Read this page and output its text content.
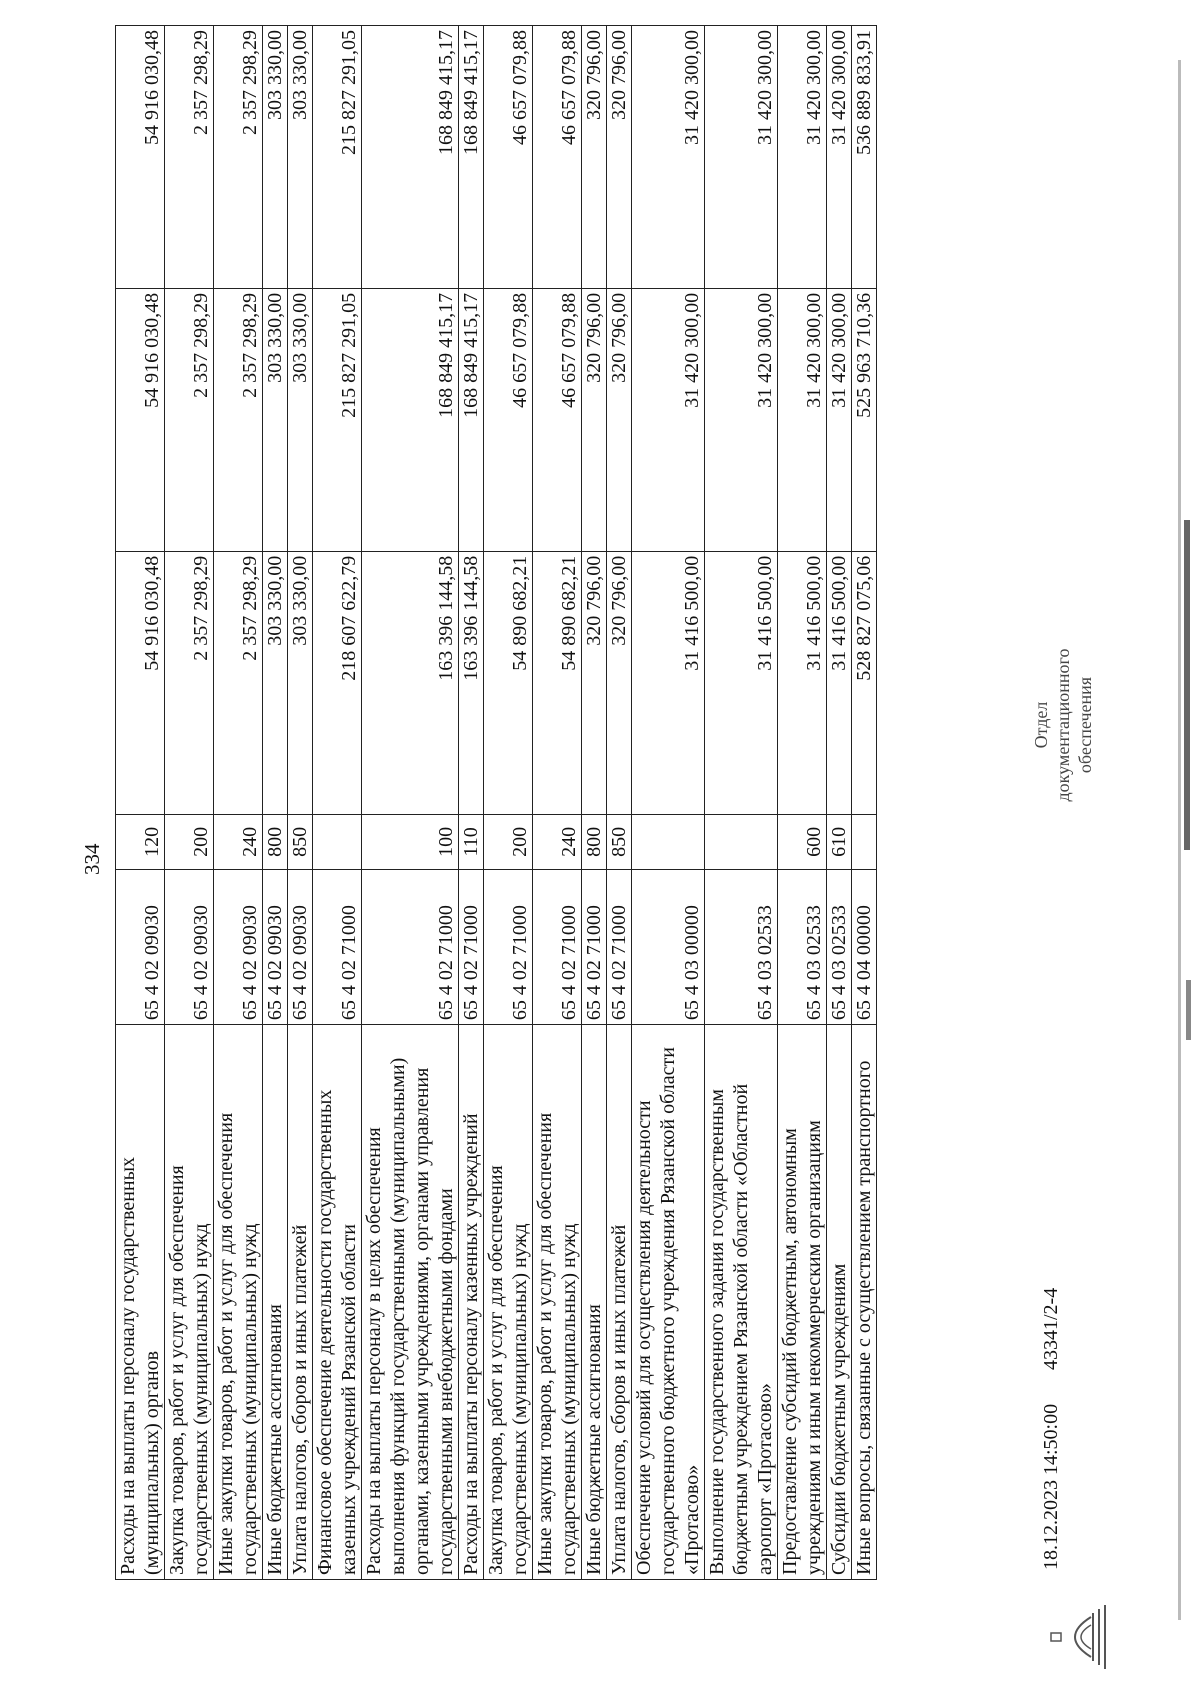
334
Расходы на выплаты персоналу государственных (муниципальных) органов	65 4 02 09030	120	54 916 030,48	54 916 030,48	54 916 030,48
Закупка товаров, работ и услуг для обеспечения государственных (муниципальных) нужд	65 4 02 09030	200	2 357 298,29	2 357 298,29	2 357 298,29
Иные закупки товаров, работ и услуг для обеспечения государственных (муниципальных) нужд	65 4 02 09030	240	2 357 298,29	2 357 298,29	2 357 298,29
Иные бюджетные ассигнования	65 4 02 09030	800	303 330,00	303 330,00	303 330,00
Уплата налогов, сборов и иных платежей	65 4 02 09030	850	303 330,00	303 330,00	303 330,00
Финансовое обеспечение деятельности государственных казенных учреждений Рязанской области	65 4 02 71000		218 607 622,79	215 827 291,05	215 827 291,05
Расходы на выплаты персоналу в целях обеспечения выполнения функций государственными (муниципальными) органами, казенными учреждениями, органами управления государственными внебюджетными фондами	65 4 02 71000	100	163 396 144,58	168 849 415,17	168 849 415,17
Расходы на выплаты персоналу казенных учреждений	65 4 02 71000	110	163 396 144,58	168 849 415,17	168 849 415,17
Закупка товаров, работ и услуг для обеспечения государственных (муниципальных) нужд	65 4 02 71000	200	54 890 682,21	46 657 079,88	46 657 079,88
Иные закупки товаров, работ и услуг для обеспечения государственных (муниципальных) нужд	65 4 02 71000	240	54 890 682,21	46 657 079,88	46 657 079,88
Иные бюджетные ассигнования	65 4 02 71000	800	320 796,00	320 796,00	320 796,00
Уплата налогов, сборов и иных платежей	65 4 02 71000	850	320 796,00	320 796,00	320 796,00
Обеспечение условий для осуществления деятельности государственного бюджетного учреждения Рязанской области «Протасово»	65 4 03 00000		31 416 500,00	31 420 300,00	31 420 300,00
Выполнение государственного задания государственным бюджетным учреждением Рязанской области «Областной аэропорт «Протасово»	65 4 03 02533		31 416 500,00	31 420 300,00	31 420 300,00
Предоставление субсидий бюджетным, автономным учреждениям и иным некоммерческим организациям	65 4 03 02533	600	31 416 500,00	31 420 300,00	31 420 300,00
Субсидии бюджетным учреждениям	65 4 03 02533	610	31 416 500,00	31 420 300,00	31 420 300,00
Иные вопросы, связанные с осуществлением транспортного	65 4 04 00000		528 827 075,06	525 963 710,36	536 889 833,91
18.12.2023 14:50:00
43341/2-4
Отдел документационного обеспечения
